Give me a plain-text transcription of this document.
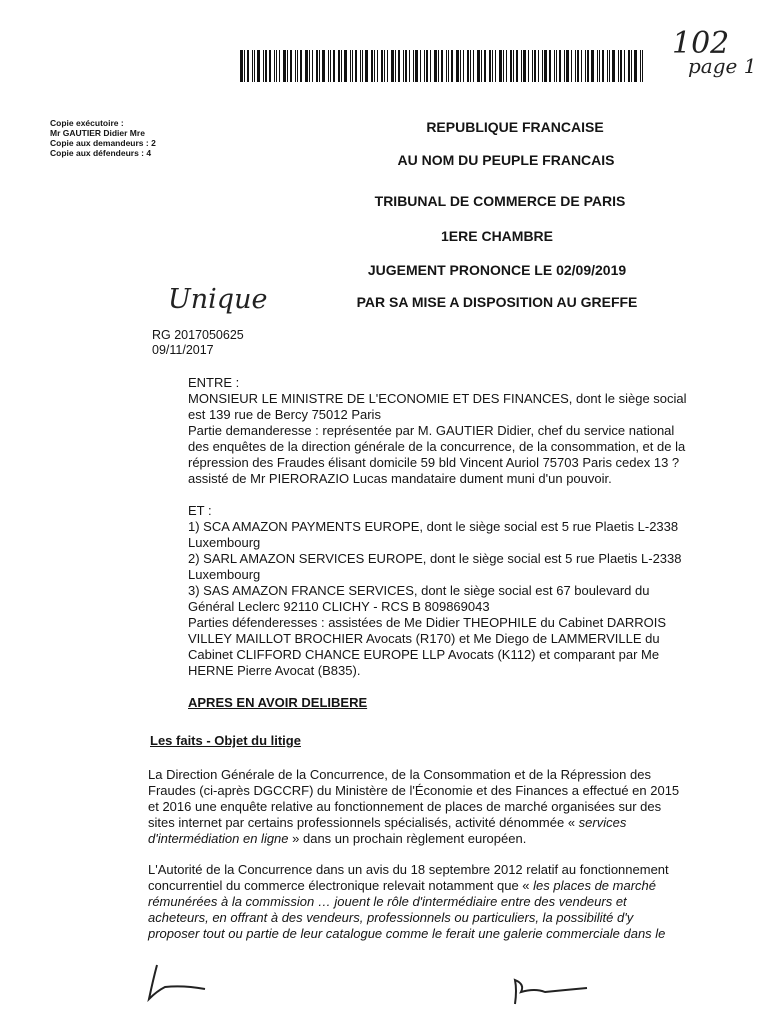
102
page 1
Copie exécutoire :
Mr GAUTIER Didier Mre
Copie aux demandeurs : 2
Copie aux défendeurs : 4
REPUBLIQUE FRANCAISE
AU NOM DU PEUPLE FRANCAIS
TRIBUNAL DE COMMERCE DE PARIS
1ERE CHAMBRE
JUGEMENT PRONONCE LE 02/09/2019
PAR SA MISE A DISPOSITION AU GREFFE
Unique
RG 2017050625
09/11/2017
ENTRE :
MONSIEUR LE MINISTRE DE L'ECONOMIE ET DES FINANCES, dont le siège social
est 139 rue de Bercy 75012 Paris
Partie demanderesse : représentée par M. GAUTIER Didier, chef du service national
des enquêtes de la direction générale de la concurrence, de la consommation, et de la
répression des Fraudes élisant domicile 59 bld Vincent Auriol 75703 Paris cedex 13 ?
assisté de Mr PIERORAZIO Lucas mandataire dument muni d'un pouvoir.
ET :
1) SCA AMAZON PAYMENTS EUROPE, dont le siège social est 5 rue Plaetis L-2338
Luxembourg
2) SARL AMAZON SERVICES EUROPE, dont le siège social est 5 rue Plaetis L-2338
Luxembourg
3) SAS AMAZON FRANCE SERVICES, dont le siège social est 67 boulevard du
Général Leclerc 92110 CLICHY - RCS B 809869043
Parties défenderesses : assistées de Me Didier THEOPHILE du Cabinet DARROIS
VILLEY MAILLOT BROCHIER Avocats (R170) et Me Diego de LAMMERVILLE du
Cabinet CLIFFORD CHANCE EUROPE LLP Avocats (K112) et comparant par Me
HERNE Pierre Avocat (B835).
APRES EN AVOIR DELIBERE
Les faits - Objet du litige
La Direction Générale de la Concurrence, de la Consommation et de la Répression des
Fraudes (ci-après DGCCRF) du Ministère de l'Économie et des Finances a effectué en 2015
et 2016 une enquête relative au fonctionnement de places de marché organisées sur des
sites internet par certains professionnels spécialisés, activité dénommée « services
d'intermédiation en ligne » dans un prochain règlement européen.
L'Autorité de la Concurrence dans un avis du 18 septembre 2012 relatif au fonctionnement
concurrentiel du commerce électronique relevait notamment que « les places de marché
rémunérées à la commission … jouent le rôle d'intermédiaire entre des vendeurs et
acheteurs, en offrant à des vendeurs, professionnels ou particuliers, la possibilité d'y
proposer tout ou partie de leur catalogue comme le ferait une galerie commerciale dans le
